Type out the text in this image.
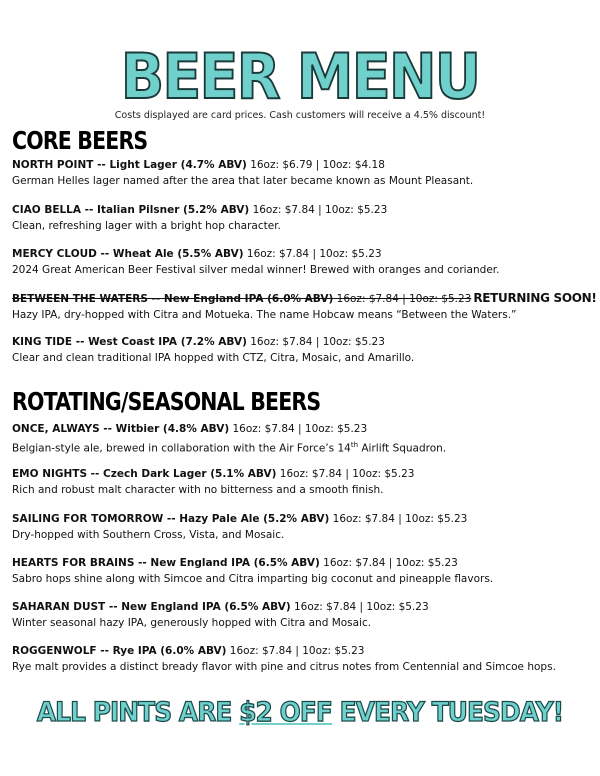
BEER MENU
Costs displayed are card prices. Cash customers will receive a 4.5% discount!
CORE BEERS
NORTH POINT -- Light Lager (4.7% ABV) 16oz: $6.79 | 10oz: $4.18
German Helles lager named after the area that later became known as Mount Pleasant.
CIAO BELLA -- Italian Pilsner (5.2% ABV) 16oz: $7.84 | 10oz: $5.23
Clean, refreshing lager with a bright hop character.
MERCY CLOUD -- Wheat Ale (5.5% ABV) 16oz: $7.84 | 10oz: $5.23
2024 Great American Beer Festival silver medal winner! Brewed with oranges and coriander.
BETWEEN THE WATERS -- New England IPA (6.0% ABV) 16oz: $7.84 | 10oz: $5.23 RETURNING SOON!
Hazy IPA, dry-hopped with Citra and Motueka. The name Hobcaw means “Between the Waters.”
KING TIDE -- West Coast IPA (7.2% ABV) 16oz: $7.84 | 10oz: $5.23
Clear and clean traditional IPA hopped with CTZ, Citra, Mosaic, and Amarillo.
ROTATING/SEASONAL BEERS
ONCE, ALWAYS -- Witbier (4.8% ABV) 16oz: $7.84 | 10oz: $5.23
Belgian-style ale, brewed in collaboration with the Air Force’s 14th Airlift Squadron.
EMO NIGHTS -- Czech Dark Lager (5.1% ABV) 16oz: $7.84 | 10oz: $5.23
Rich and robust malt character with no bitterness and a smooth finish.
SAILING FOR TOMORROW -- Hazy Pale Ale (5.2% ABV) 16oz: $7.84 | 10oz: $5.23
Dry-hopped with Southern Cross, Vista, and Mosaic.
HEARTS FOR BRAINS -- New England IPA (6.5% ABV) 16oz: $7.84 | 10oz: $5.23
Sabro hops shine along with Simcoe and Citra imparting big coconut and pineapple flavors.
SAHARAN DUST -- New England IPA (6.5% ABV) 16oz: $7.84 | 10oz: $5.23
Winter seasonal hazy IPA, generously hopped with Citra and Mosaic.
ROGGENWOLF -- Rye IPA (6.0% ABV) 16oz: $7.84 | 10oz: $5.23
Rye malt provides a distinct bready flavor with pine and citrus notes from Centennial and Simcoe hops.
ALL PINTS ARE $2 OFF EVERY TUESDAY!
